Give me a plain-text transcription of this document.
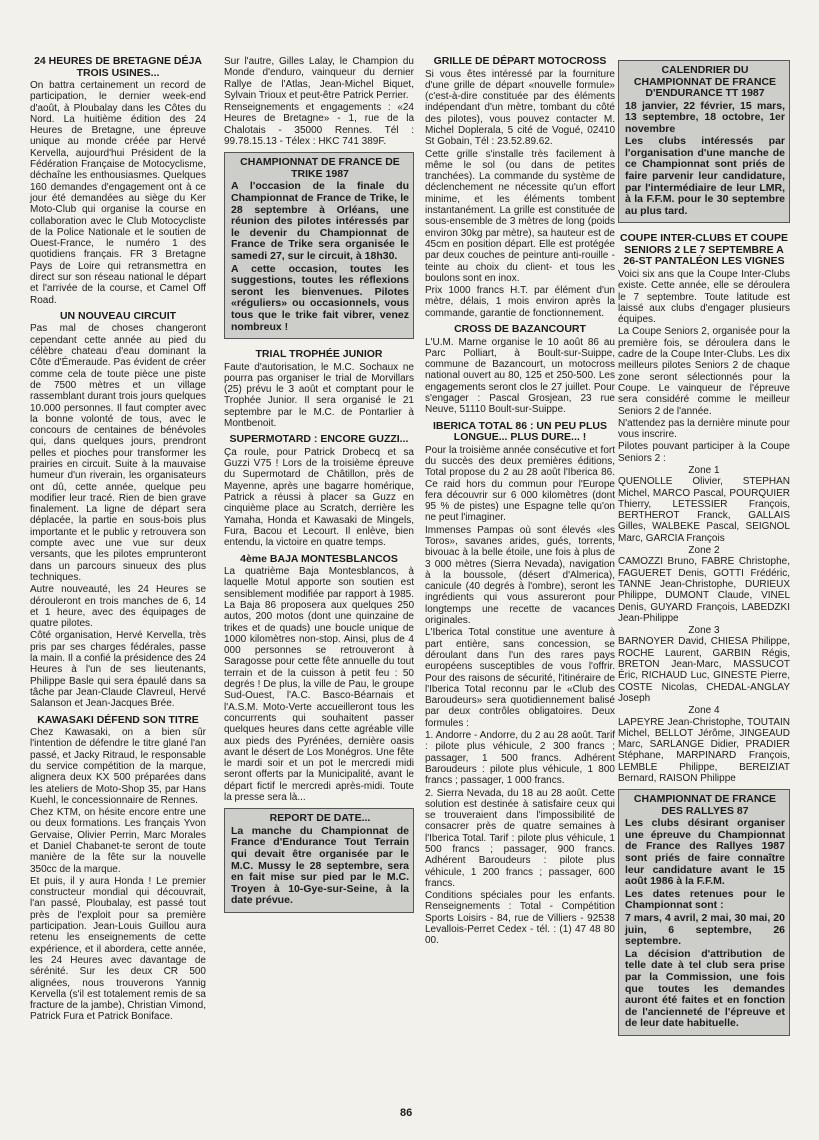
24 HEURES DE BRETAGNE DÉJA TROIS USINES...
On battra certainement un record de participation, le dernier week-end d'août, à Ploubalay dans les Côtes du Nord. La huitième édition des 24 Heures de Bretagne, une épreuve unique au monde créée par Hervé Kervella, aujourd'hui Président de la Fédération Française de Motocyclisme, déchaîne les enthousiasmes. Quelques 160 demandes d'engagement ont à ce jour été demandées au siège du Ker Moto-Club qui organise la course en collaboration avec le Club Motocycliste de la Police Nationale et le soutien de Ouest-France, le numéro 1 des quotidiens français. FR 3 Bretagne Pays de Loire qui retransmettra en direct sur son réseau national le départ et l'arrivée de la course, et Camel Off Road.
UN NOUVEAU CIRCUIT
Pas mal de choses changeront cependant cette année au pied du célèbre chateau d'eau dominant la Côte d'Émeraude. Pas évident de créer comme cela de toute pièce une piste de 7500 mètres et un village rassemblant durant trois jours quelques 10.000 personnes. Il faut compter avec la bonne volonté de tous, avec le concours de centaines de bénévoles qui, dans quelques jours, prendront pelles et pioches pour transformer les prairies en circuit. Suite à la mauvaise humeur d'un riverain, les organisateurs ont dû, cette année, quelque peu modifier leur tracé. Rien de bien grave finalement. La ligne de départ sera déplacée, la partie en sous-bois plus importante et le public y retrouvera son compte avec une vue sur deux versants, que les pilotes emprunteront dans un parcours sinueux des plus techniques.
Autre nouveauté, les 24 Heures se dérouleront en trois manches de 6, 14 et 1 heure, avec des équipages de quatre pilotes.
Côté organisation, Hervé Kervella, très pris par ses charges fédérales, passe la main. Il a confié la présidence des 24 Heures à l'un de ses lieutenants, Philippe Basle qui sera épaulé dans sa tâche par Jean-Claude Clavreul, Hervé Salanson et Jean-Jacques Brée.
KAWASAKI DÉFEND SON TITRE
Chez Kawasaki, on a bien sûr l'intention de défendre le titre glané l'an passé, et Jacky Ritraud, le responsable du service compétition de la marque, alignera deux KX 500 préparées dans les ateliers de Moto-Shop 35, par Hans Kuehl, le concessionnaire de Rennes.
Chez KTM, on hésite encore entre une ou deux formations. Les français Yvon Gervaise, Olivier Perrin, Marc Morales et Daniel Chabanet-te seront de toute manière de la fête sur la nouvelle 350cc de la marque.
Et puis, il y aura Honda ! Le premier constructeur mondial qui découvrait, l'an passé, Ploubalay, est passé tout près de l'exploit pour sa première participation. Jean-Louis Guillou aura retenu les enseignements de cette expérience, et il abordera, cette année, les 24 Heures avec davantage de sérénité. Sur les deux CR 500 alignées, nous trouverons Yannig Kervella (s'il est totalement remis de sa fracture de la jambe), Christian Vimond, Patrick Fura et Patrick Boniface.
Sur l'autre, Gilles Lalay, le Champion du Monde d'enduro, vainqueur du dernier Rallye de l'Atlas, Jean-Michel Biquet, Sylvain Trioux et peut-être Patrick Perrier.
Renseignements et engagements : «24 Heures de Bretagne» - 1, rue de la Chalotais - 35000 Rennes. Tél : 99.78.15.13 - Télex : HKC 741 389F.
CHAMPIONNAT DE FRANCE DE TRIKE 1987
A l'occasion de la finale du Championnat de France de Trike, le 28 septembre à Orléans, une réunion des pilotes intéressés par le devenir du Championnat de France de Trike sera organisée le samedi 27, sur le circuit, à 18h30.
A cette occasion, toutes les suggestions, toutes les réflexions seront les bienvenues. Pilotes «réguliers» ou occasionnels, vous tous que le trike fait vibrer, venez nombreux !
TRIAL TROPHÉE JUNIOR
Faute d'autorisation, le M.C. Sochaux ne pourra pas organiser le trial de Morvillars (25) prévu le 3 août et comptant pour le Trophée Junior. Il sera organisé le 21 septembre par le M.C. de Pontarlier à Montbenoit.
SUPERMOTARD : ENCORE GUZZI...
Ça roule, pour Patrick Drobecq et sa Guzzi V75 ! Lors de la troisième épreuve du Supermotard de Châtillon, près de Mayenne, après une bagarre homérique, Patrick a réussi à placer sa Guzz en cinquième place au Scratch, derrière les Yamaha, Honda et Kawasaki de Mingels, Fura, Bacou et Lecourt. Il enlève, bien entendu, la victoire en quatre temps.
4ème BAJA MONTESBLANCOS
La quatrième Baja Montesblancos, à laquelle Motul apporte son soutien est sensiblement modifiée par rapport à 1985. La Baja 86 proposera aux quelques 250 autos, 200 motos (dont une quinzaine de trikes et de quads) une boucle unique de 1000 kilomètres non-stop. Ainsi, plus de 4 000 personnes se retrouveront à Saragosse pour cette fête annuelle du tout terrain et de la cuisson à petit feu : 50 degrés ! De plus, la ville de Pau, le groupe Sud-Ouest, l'A.C. Basco-Béarnais et l'A.S.M. Moto-Verte accueilleront tous les concurrents qui souhaitent passer quelques heures dans cette agréable ville aux pieds des Pyrénées, dernière oasis avant le désert de Los Monégros. Une fête le mardi soir et un pot le mercredi midi seront offerts par la Municipalité, avant le départ fictif le mercredi après-midi. Toute la presse sera là...
REPORT DE DATE...
La manche du Championnat de France d'Endurance Tout Terrain qui devait être organisée par le M.C. Mussy le 28 septembre, sera en fait mise sur pied par le M.C. Troyen à 10-Gye-sur-Seine, à la date prévue.
GRILLE DE DÉPART MOTOCROSS
Si vous êtes intéressé par la fourniture d'une grille de départ «nouvelle formule» (c'est-à-dire constituée par des éléments indépendant d'un mètre, tombant du côté des pilotes), vous pouvez contacter M. Michel Doplerala, 5 cité de Vogué, 02410 St Gobain, Tél : 23.52.89.62.
Cette grille s'installe très facilement à même le sol (ou dans de petites tranchées). La commande du système de déclenchement ne nécessite qu'un effort minime, et les éléments tombent instantanément. La grille est constituée de sous-ensemble de 3 mètres de long (poids environ 30kg par mètre), sa hauteur est de 45cm en position départ. Elle est protégée par deux couches de peinture anti-rouille -teinte au choix du client- et tous les boulons sont en inox.
Prix 1000 francs H.T. par élément d'un mètre, délais, 1 mois environ après la commande, garantie de fonctionnement.
CROSS DE BAZANCOURT
L'U.M. Marne organise le 10 août 86 au Parc Polliart, à Boult-sur-Suippe, commune de Bazancourt, un motocross national ouvert au 80, 125 et 250-500. Les engagements seront clos le 27 juillet. Pour s'engager : Pascal Grosjean, 23 rue Neuve, 51110 Boult-sur-Suippe.
IBERICA TOTAL 86 : UN PEU PLUS LONGUE... PLUS DURE... !
Pour la troisième année consécutive et fort du succès des deux premières éditions, Total propose du 2 au 28 août l'Iberica 86. Ce raid hors du commun pour l'Europe fera découvrir sur 6 000 kilomètres (dont 95 % de pistes) une Espagne telle qu'on ne peut l'imaginer.
Immenses Pampas où sont élevés «les Toros», savanes arides, gués, torrents, bivouac à la belle étoile, une fois à plus de 3 000 mètres (Sierra Nevada), navigation à la boussole, (désert d'Almerica), canicule (40 degrés à l'ombre), seront les ingrédients qui vous assureront pour longtemps une recette de vacances originales.
L'Iberica Total constitue une aventure à part entière, sans concession, se déroulant dans l'un des rares pays européens susceptibles de vous l'offrir. Pour des raisons de sécurité, l'itinéraire de l'Iberica Total reconnu par le «Club des Baroudeurs» sera quotidiennement balisé par deux contrôles obligatoires. Deux formules :
1. Andorre - Andorre, du 2 au 28 août. Tarif : pilote plus véhicule, 2 300 francs ; passager, 1 500 francs. Adhérent Baroudeurs : pilote plus véhicule, 1 800 francs ; passager, 1 000 francs.
2. Sierra Nevada, du 18 au 28 août. Cette solution est destinée à satisfaire ceux qui se trouveraient dans l'impossibilité de consacrer près de quatre semaines à l'Iberica Total. Tarif : pilote plus véhicule, 1 500 francs ; passager, 900 francs. Adhérent Baroudeurs : pilote plus véhicule, 1 200 francs ; passager, 600 francs.
Conditions spéciales pour les enfants. Renseignements : Total - Compétition Sports Loisirs - 84, rue de Villiers - 92538 Levallois-Perret Cedex - tél. : (1) 47 48 80 00.
CALENDRIER DU CHAMPIONNAT DE FRANCE D'ENDURANCE TT 1987
18 janvier, 22 février, 15 mars, 13 septembre, 18 octobre, 1er novembre
Les clubs intéressés par l'organisation d'une manche de ce Championnat sont priés de faire parvenir leur candidature, par l'intermédiaire de leur LMR, à la F.F.M. pour le 30 septembre au plus tard.
COUPE INTER-CLUBS ET COUPE SENIORS 2 LE 7 SEPTEMBRE A 26-ST PANTALÉON LES VIGNES
Voici six ans que la Coupe Inter-Clubs existe. Cette année, elle se déroulera le 7 septembre. Toute latitude est laissé aux clubs d'engager plusieurs équipes.
La Coupe Seniors 2, organisée pour la première fois, se déroulera dans le cadre de la Coupe Inter-Clubs. Les dix meilleurs pilotes Seniors 2 de chaque zone seront sélectionnés pour la Coupe. Le vainqueur de l'épreuve sera considéré comme le meilleur Seniors 2 de l'année.
N'attendez pas la dernière minute pour vous inscrire.
Pilotes pouvant participer à la Coupe Seniors 2 :
Zone 1
QUENOLLE Olivier, STEPHAN Michel, MARCO Pascal, POURQUIER Thierry, LETESSIER François, BERTHEROT Franck, GALLAIS Gilles, WALBEKE Pascal, SEIGNOL Marc, GARCIA François
Zone 2
CAMOZZI Bruno, FABRE Christophe, FAGUERET Denis, GOTTI Frédéric, TANNE Jean-Christophe, DURIEUX Philippe, DUMONT Claude, VINEL Denis, GUYARD François, LABEDZKI Jean-Philippe
Zone 3
BARNOYER David, CHIESA Philippe, ROCHE Laurent, GARBIN Régis, BRETON Jean-Marc, MASSUCOT Éric, RICHAUD Luc, GINESTE Pierre, COSTE Nicolas, CHEDAL-ANGLAY Joseph
Zone 4
LAPEYRE Jean-Christophe, TOUTAIN Michel, BELLOT Jérôme, JINGEAUD Marc, SARLANGE Didier, PRADIER Stéphane, MARPINARD François, LEMBLE Philippe, BEREIZIAT Bernard, RAISON Philippe
CHAMPIONNAT DE FRANCE DES RALLYES 87
Les clubs désirant organiser une épreuve du Championnat de France des Rallyes 1987 sont priés de faire connaître leur candidature avant le 15 août 1986 à la F.F.M.
Les dates retenues pour le Championnat sont :
7 mars, 4 avril, 2 mai, 30 mai, 20 juin, 6 septembre, 26 septembre.
La décision d'attribution de telle date à tel club sera prise par la Commission, une fois que toutes les demandes auront été faites et en fonction de l'ancienneté de l'épreuve et de leur date habituelle.
86
